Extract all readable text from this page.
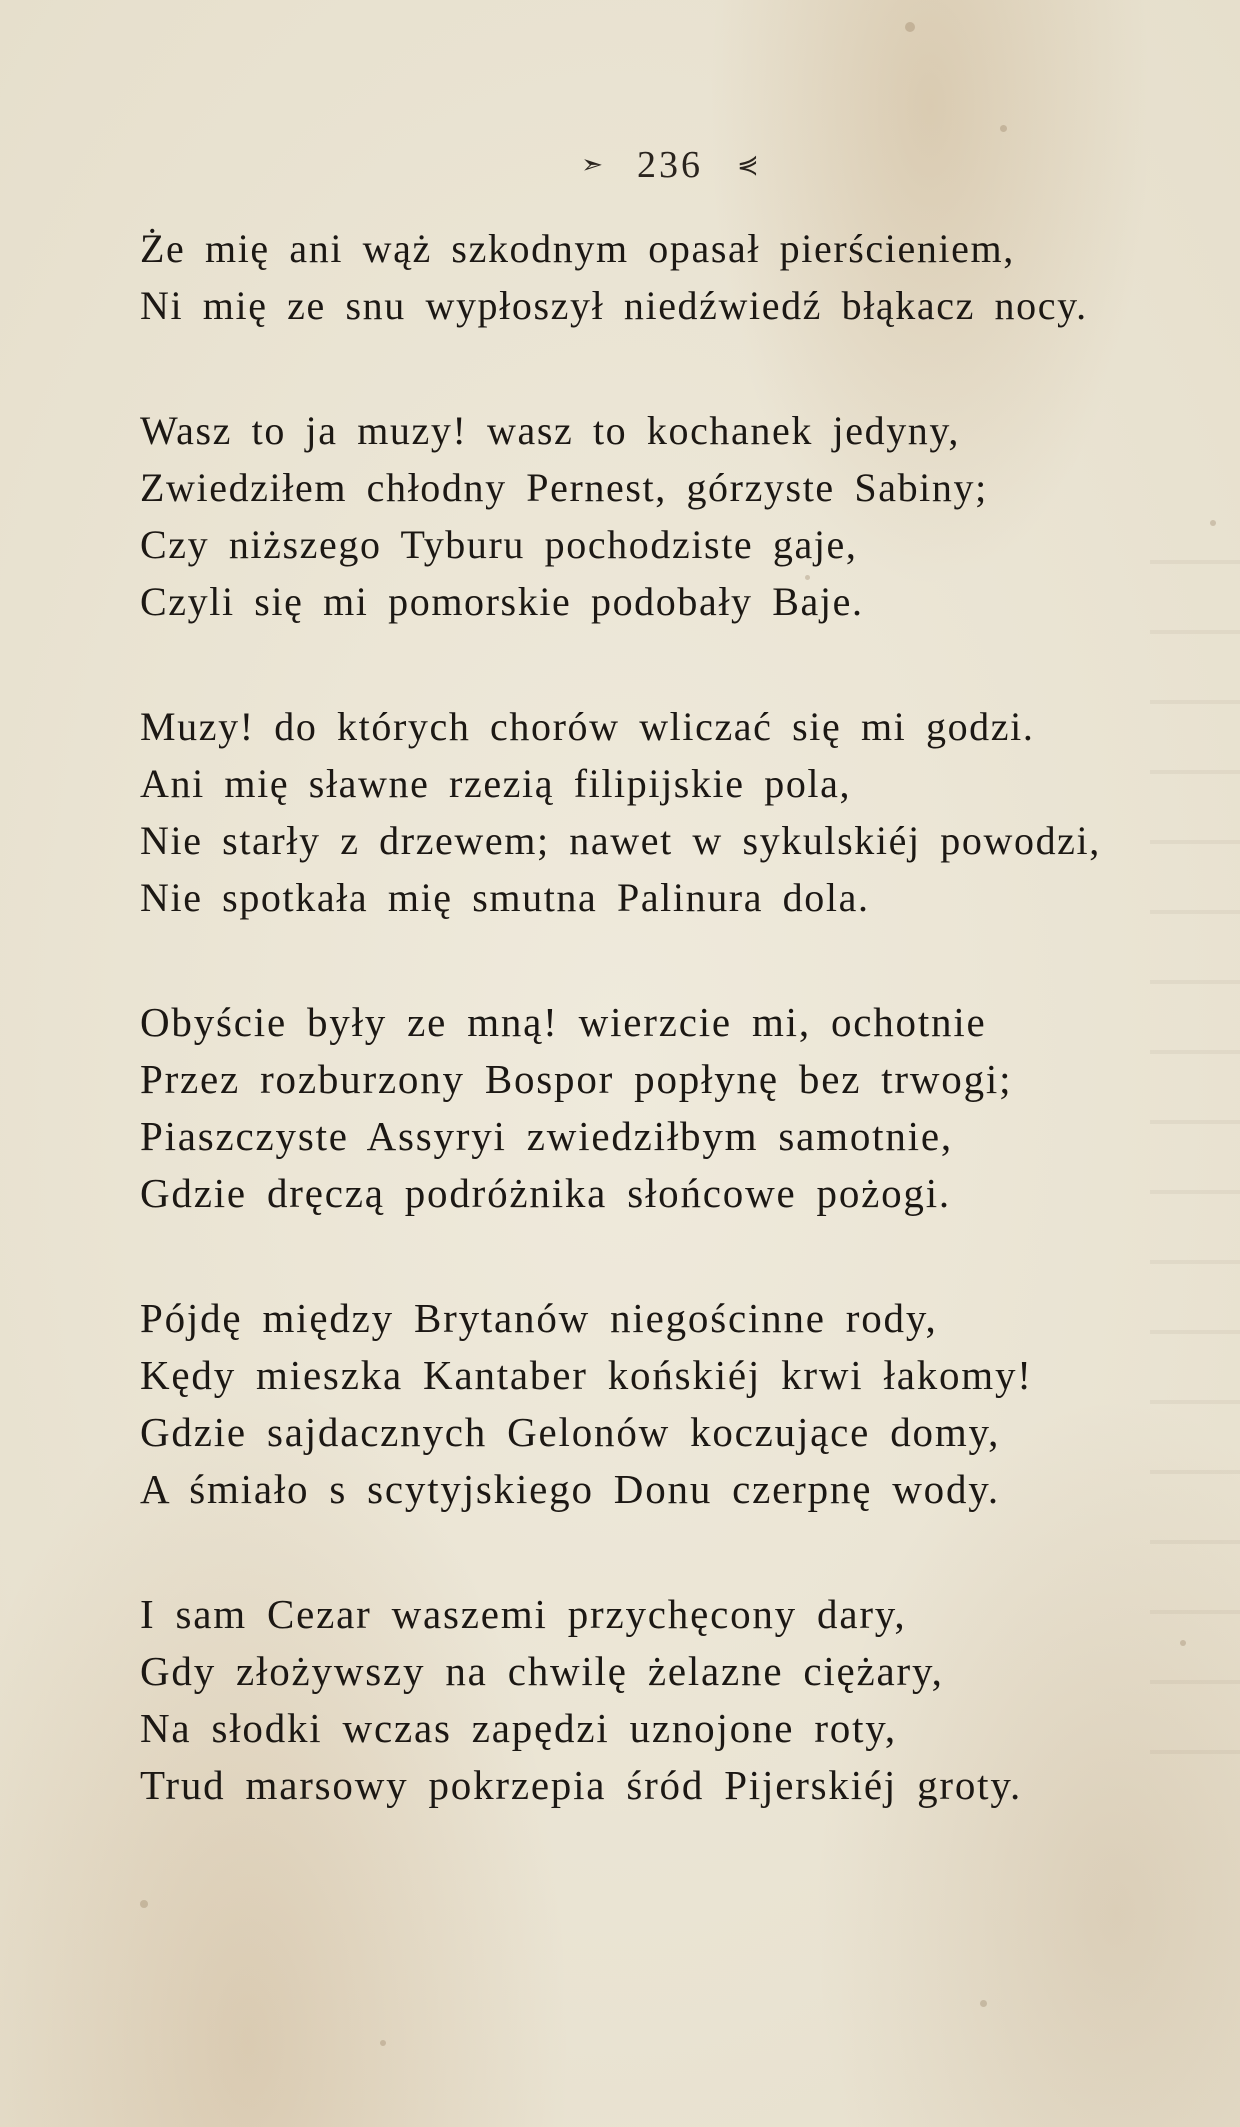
➣ 236 ⋞
Że mię ani wąż szkodnym opasał pierścieniem,
Ni mię ze snu wypłoszył niedźwiedź błąkacz nocy.
Wasz to ja muzy! wasz to kochanek jedyny,
Zwiedziłem chłodny Pernest, górzyste Sabiny;
Czy niższego Tyburu pochodziste gaje,
Czyli się mi pomorskie podobały Baje.
Muzy! do których chorów wliczać się mi godzi.
Ani mię sławne rzezią filipijskie pola,
Nie starły z drzewem; nawet w sykulskiéj powodzi,
Nie spotkała mię smutna Palinura dola.
Obyście były ze mną! wierzcie mi, ochotnie
Przez rozburzony Bospor popłynę bez trwogi;
Piaszczyste Assyryi zwiedziłbym samotnie,
Gdzie dręczą podróżnika słońcowe pożogi.
Pójdę między Brytanów niegościnne rody,
Kędy mieszka Kantaber końskiéj krwi łakomy!
Gdzie sajdacznych Gelonów koczujące domy,
A śmiało s scytyjskiego Donu czerpnę wody.
I sam Cezar waszemi przychęcony dary,
Gdy złożywszy na chwilę żelazne ciężary,
Na słodki wczas zapędzi uznojone roty,
Trud marsowy pokrzepia śród Pijerskiéj groty.
